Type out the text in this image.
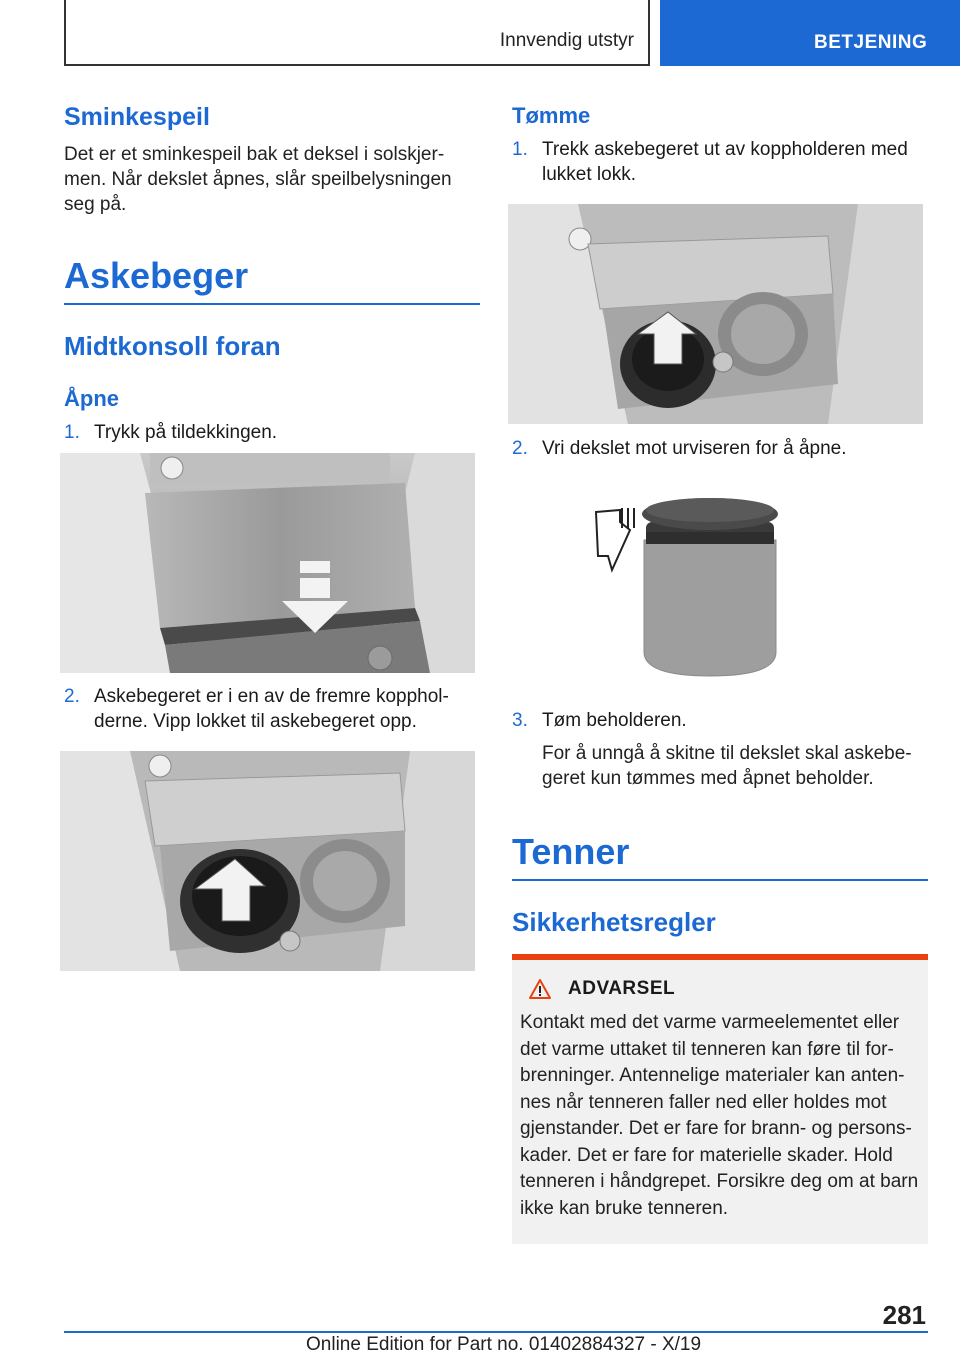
Innvendig utstyr	BETJENING
Sminkespeil
Det er et sminkespeil bak et deksel i solskjer-
men. Når dekslet åpnes, slår speilbelysningen
seg på.
Askebeger
Midtkonsoll foran
Åpne
1. Trykk på tildekkingen.
2. Askebegeret er i en av de fremre kopphol-
derne. Vipp lokket til askebegeret opp.
Tømme
1. Trekk askebegeret ut av koppholderen med
lukket lokk.
2. Vri dekslet mot urviseren for å åpne.
3. Tøm beholderen.
For å unngå å skitne til dekslet skal askebe-
geret kun tømmes med åpnet beholder.
Tenner
Sikkerhetsregler
ADVARSEL
Kontakt med det varme varmeelementet eller
det varme uttaket til tenneren kan føre til for-
brenninger. Antennelige materialer kan anten-
nes når tenneren faller ned eller holdes mot
gjenstander. Det er fare for brann- og persons-
kader. Det er fare for materielle skader. Hold
tenneren i håndgrepet. Forsikre deg om at barn
ikke kan bruke tenneren.
281
Online Edition for Part no. 01402884327 - X/19
